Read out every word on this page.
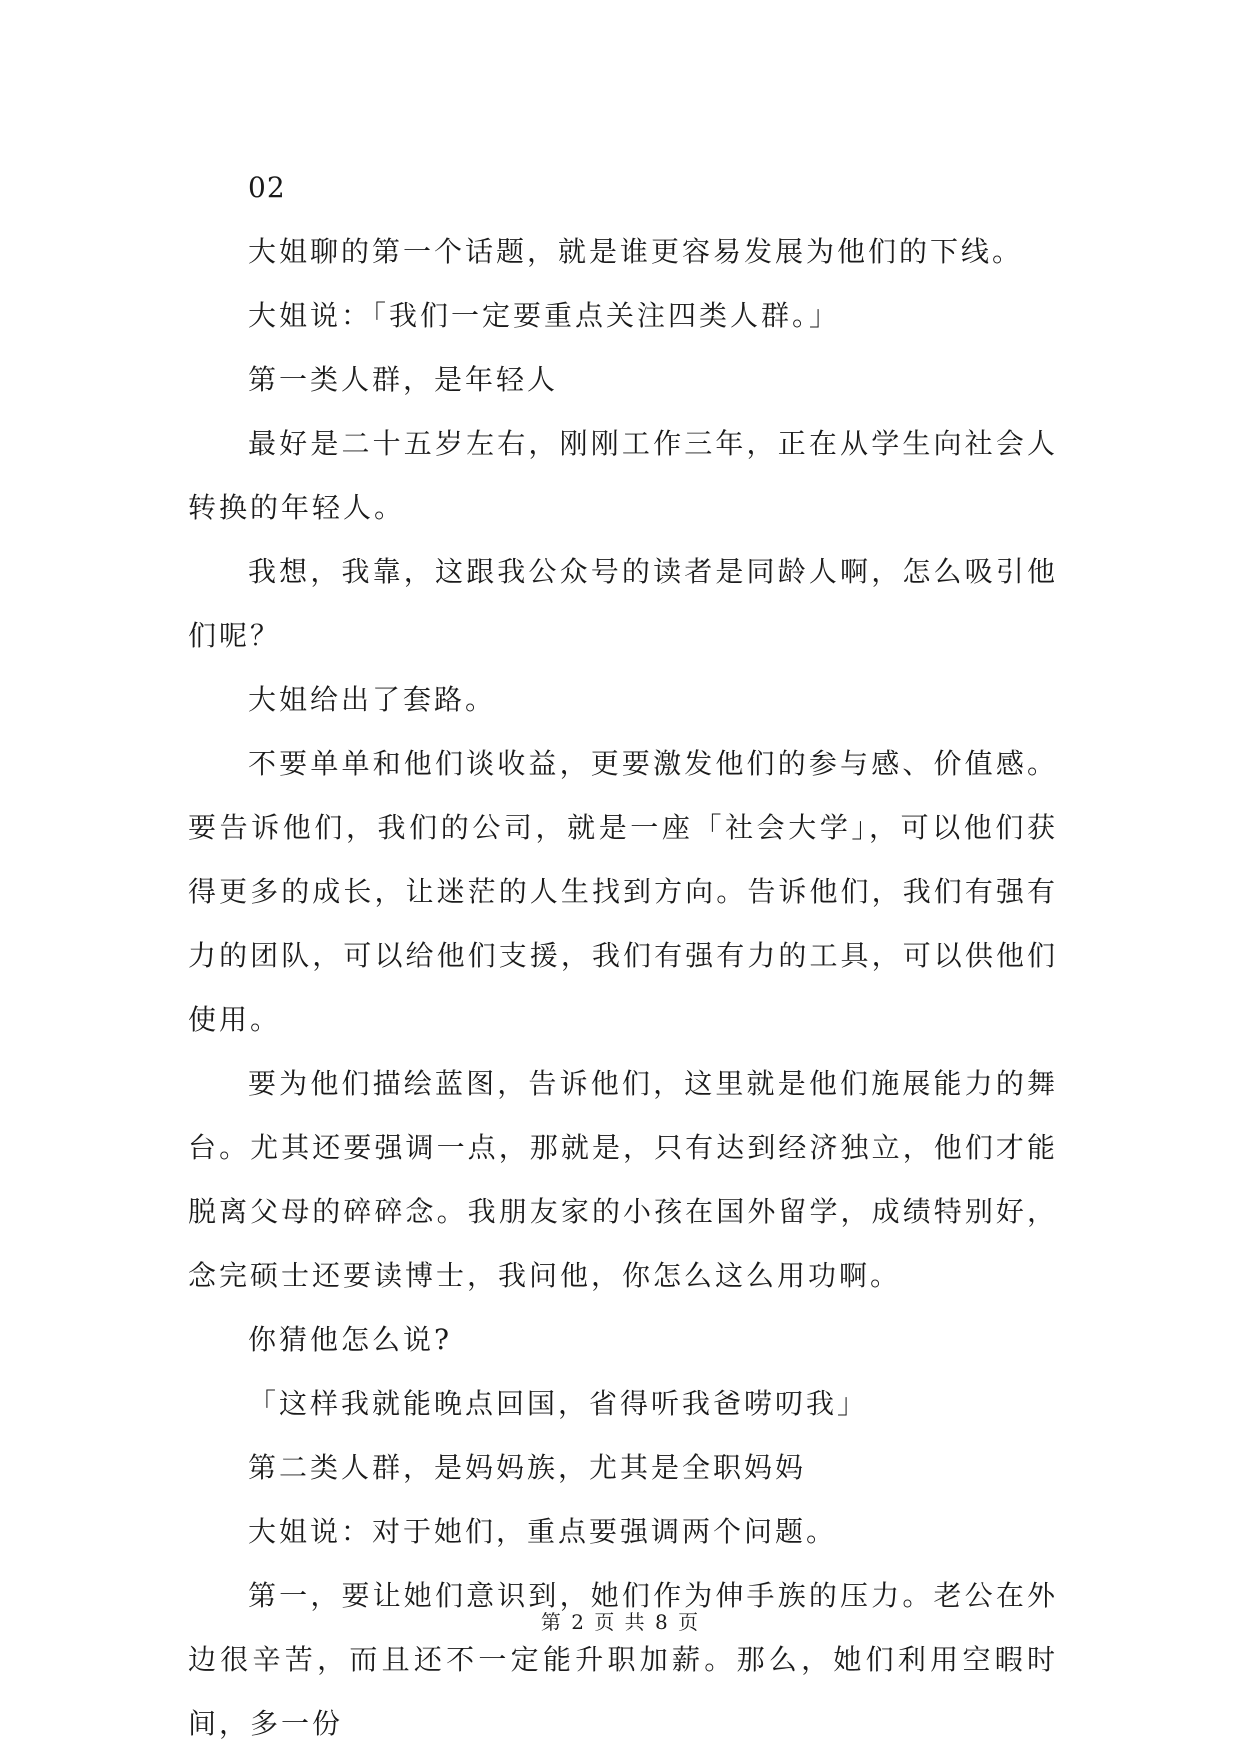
02

大姐聊的第一个话题，就是谁更容易发展为他们的下线。

大姐说：「我们一定要重点关注四类人群。」

第一类人群，是年轻人

最好是二十五岁左右，刚刚工作三年，正在从学生向社会人转换的年轻人。

我想，我靠，这跟我公众号的读者是同龄人啊，怎么吸引他们呢？

大姐给出了套路。

不要单单和他们谈收益，更要激发他们的参与感、价值感。要告诉他们，我们的公司，就是一座「社会大学」，可以他们获得更多的成长，让迷茫的人生找到方向。告诉他们，我们有强有力的团队，可以给他们支援，我们有强有力的工具，可以供他们使用。

要为他们描绘蓝图，告诉他们，这里就是他们施展能力的舞台。尤其还要强调一点，那就是，只有达到经济独立，他们才能脱离父母的碎碎念。我朋友家的小孩在国外留学，成绩特别好，念完硕士还要读博士，我问他，你怎么这么用功啊。

你猜他怎么说?

「这样我就能晚点回国，省得听我爸唠叨我」

第二类人群，是妈妈族，尤其是全职妈妈

大姐说：对于她们，重点要强调两个问题。

第一，要让她们意识到，她们作为伸手族的压力。老公在外边很辛苦，而且还不一定能升职加薪。那么，她们利用空暇时间，多一份

第 2 页 共 8 页
